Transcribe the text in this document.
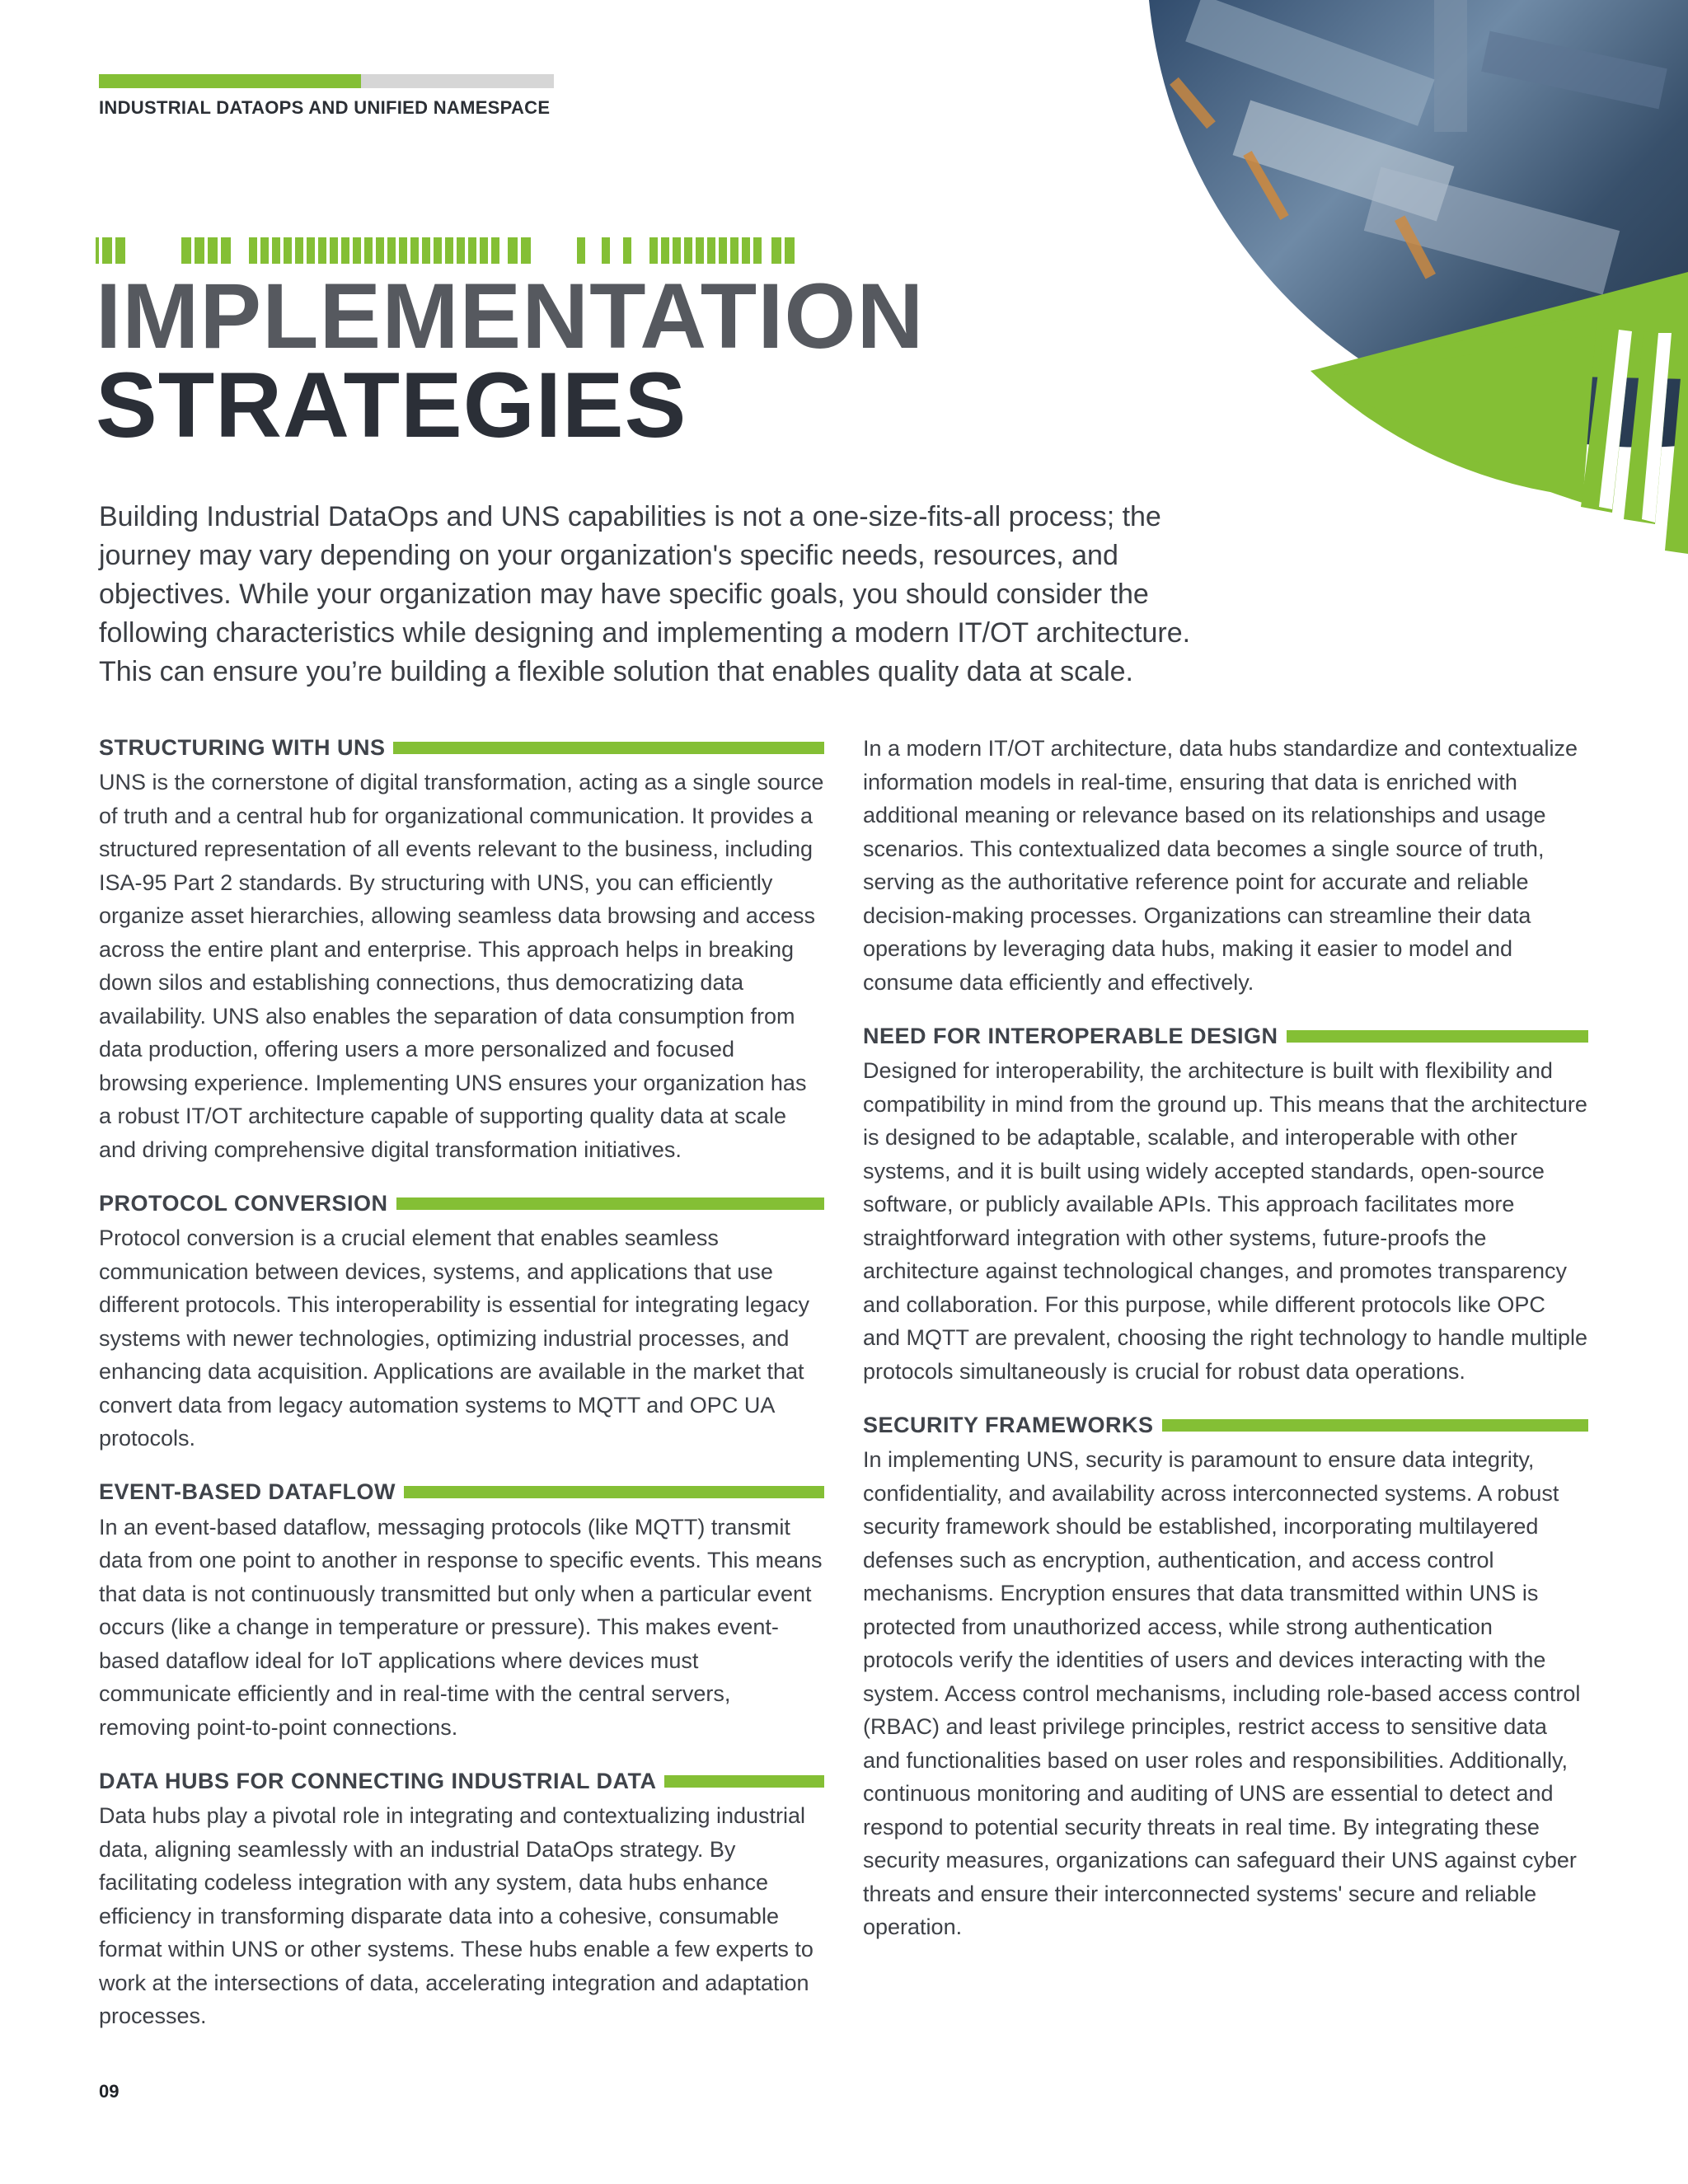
INDUSTRIAL DATAOPS AND UNIFIED NAMESPACE
IMPLEMENTATION
STRATEGIES

Building Industrial DataOps and UNS capabilities is not a one-size-fits-all process; the journey may vary depending on your organization's specific needs, resources, and objectives. While your organization may have specific goals, you should consider the following characteristics while designing and implementing a modern IT/OT architecture. This can ensure you’re building a flexible solution that enables quality data at scale.

STRUCTURING WITH UNS

UNS is the cornerstone of digital transformation, acting as a single source of truth and a central hub for organizational communication. It provides a structured representation of all events relevant to the business, including ISA-95 Part 2 standards. By structuring with UNS, you can efficiently organize asset hierarchies, allowing seamless data browsing and access across the entire plant and enterprise. This approach helps in breaking down silos and establishing connections, thus democratizing data availability. UNS also enables the separation of data consumption from data production, offering users a more personalized and focused browsing experience. Implementing UNS ensures your organization has a robust IT/OT architecture capable of supporting quality data at scale and driving comprehensive digital transformation initiatives.

PROTOCOL CONVERSION

Protocol conversion is a crucial element that enables seamless communication between devices, systems, and applications that use different protocols. This interoperability is essential for integrating legacy systems with newer technologies, optimizing industrial processes, and enhancing data acquisition. Applications are available in the market that convert data from legacy automation systems to MQTT and OPC UA protocols.

EVENT-BASED DATAFLOW

In an event-based dataflow, messaging protocols (like MQTT) transmit data from one point to another in response to specific events. This means that data is not continuously transmitted but only when a particular event occurs (like a change in temperature or pressure). This makes event-based dataflow ideal for IoT applications where devices must communicate efficiently and in real-time with the central servers, removing point-to-point connections.

DATA HUBS FOR CONNECTING INDUSTRIAL DATA

Data hubs play a pivotal role in integrating and contextualizing industrial data, aligning seamlessly with an industrial DataOps strategy. By facilitating codeless integration with any system, data hubs enhance efficiency in transforming disparate data into a cohesive, consumable format within UNS or other systems. These hubs enable a few experts to work at the intersections of data, accelerating integration and adaptation processes.

In a modern IT/OT architecture, data hubs standardize and contextualize information models in real-time, ensuring that data is enriched with additional meaning or relevance based on its relationships and usage scenarios. This contextualized data becomes a single source of truth, serving as the authoritative reference point for accurate and reliable decision-making processes. Organizations can streamline their data operations by leveraging data hubs, making it easier to model and consume data efficiently and effectively.

NEED FOR INTEROPERABLE DESIGN

Designed for interoperability, the architecture is built with flexibility and compatibility in mind from the ground up. This means that the architecture is designed to be adaptable, scalable, and interoperable with other systems, and it is built using widely accepted standards, open-source software, or publicly available APIs. This approach facilitates more straightforward integration with other systems, future-proofs the architecture against technological changes, and promotes transparency and collaboration. For this purpose, while different protocols like OPC and MQTT are prevalent, choosing the right technology to handle multiple protocols simultaneously is crucial for robust data operations.

SECURITY FRAMEWORKS

In implementing UNS, security is paramount to ensure data integrity, confidentiality, and availability across interconnected systems. A robust security framework should be established, incorporating multilayered defenses such as encryption, authentication, and access control mechanisms. Encryption ensures that data transmitted within UNS is protected from unauthorized access, while strong authentication protocols verify the identities of users and devices interacting with the system. Access control mechanisms, including role-based access control (RBAC) and least privilege principles, restrict access to sensitive data and functionalities based on user roles and responsibilities. Additionally, continuous monitoring and auditing of UNS are essential to detect and respond to potential security threats in real time. By integrating these security measures, organizations can safeguard their UNS against cyber threats and ensure their interconnected systems' secure and reliable operation.

09
